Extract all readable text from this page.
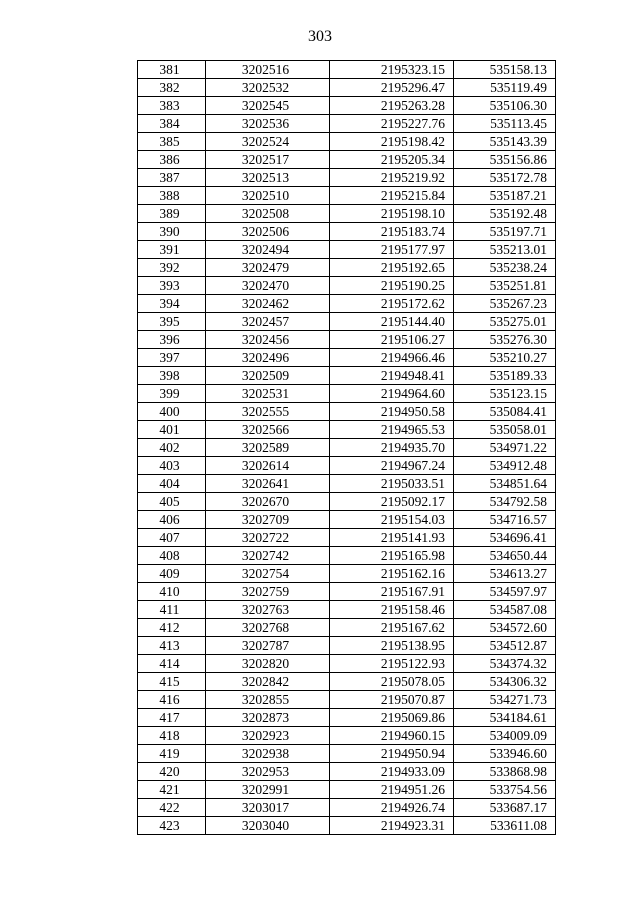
303
381	3202516	2195323.15	535158.13
382	3202532	2195296.47	535119.49
383	3202545	2195263.28	535106.30
384	3202536	2195227.76	535113.45
385	3202524	2195198.42	535143.39
386	3202517	2195205.34	535156.86
387	3202513	2195219.92	535172.78
388	3202510	2195215.84	535187.21
389	3202508	2195198.10	535192.48
390	3202506	2195183.74	535197.71
391	3202494	2195177.97	535213.01
392	3202479	2195192.65	535238.24
393	3202470	2195190.25	535251.81
394	3202462	2195172.62	535267.23
395	3202457	2195144.40	535275.01
396	3202456	2195106.27	535276.30
397	3202496	2194966.46	535210.27
398	3202509	2194948.41	535189.33
399	3202531	2194964.60	535123.15
400	3202555	2194950.58	535084.41
401	3202566	2194965.53	535058.01
402	3202589	2194935.70	534971.22
403	3202614	2194967.24	534912.48
404	3202641	2195033.51	534851.64
405	3202670	2195092.17	534792.58
406	3202709	2195154.03	534716.57
407	3202722	2195141.93	534696.41
408	3202742	2195165.98	534650.44
409	3202754	2195162.16	534613.27
410	3202759	2195167.91	534597.97
411	3202763	2195158.46	534587.08
412	3202768	2195167.62	534572.60
413	3202787	2195138.95	534512.87
414	3202820	2195122.93	534374.32
415	3202842	2195078.05	534306.32
416	3202855	2195070.87	534271.73
417	3202873	2195069.86	534184.61
418	3202923	2194960.15	534009.09
419	3202938	2194950.94	533946.60
420	3202953	2194933.09	533868.98
421	3202991	2194951.26	533754.56
422	3203017	2194926.74	533687.17
423	3203040	2194923.31	533611.08
